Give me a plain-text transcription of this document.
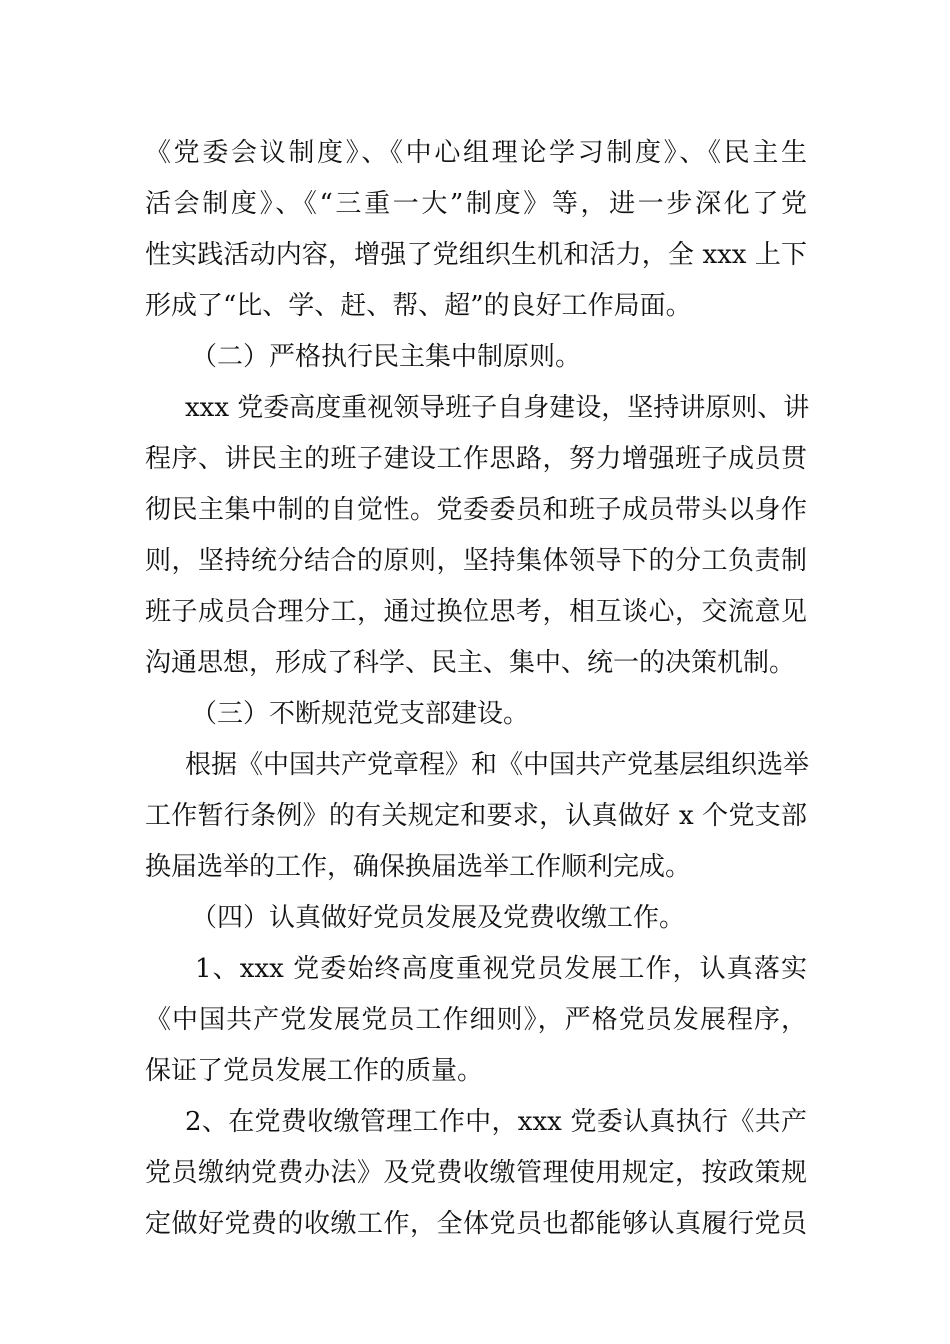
《党委会议制度》、《中心组理论学习制度》、《民主生

活会制度》、《“三重一大”制度》等，进一步深化了党

性实践活动内容，增强了党组织生机和活力，全 xxx 上下

形成了“比、学、赶、帮、超”的良好工作局面。

（二）严格执行民主集中制原则。

xxx 党委高度重视领导班子自身建设，坚持讲原则、讲

程序、讲民主的班子建设工作思路，努力增强班子成员贯

彻民主集中制的自觉性。党委委员和班子成员带头以身作

则，坚持统分结合的原则，坚持集体领导下的分工负责制

班子成员合理分工，通过换位思考，相互谈心，交流意见

沟通思想，形成了科学、民主、集中、统一的决策机制。

（三）不断规范党支部建设。

根据《中国共产党章程》和《中国共产党基层组织选举

工作暂行条例》的有关规定和要求，认真做好 x 个党支部

换届选举的工作，确保换届选举工作顺利完成。

（四）认真做好党员发展及党费收缴工作。

1、xxx 党委始终高度重视党员发展工作，认真落实

《中国共产党发展党员工作细则》，严格党员发展程序，

保证了党员发展工作的质量。

2、在党费收缴管理工作中，xxx 党委认真执行《共产

党员缴纳党费办法》及党费收缴管理使用规定，按政策规

定做好党费的收缴工作，全体党员也都能够认真履行党员
